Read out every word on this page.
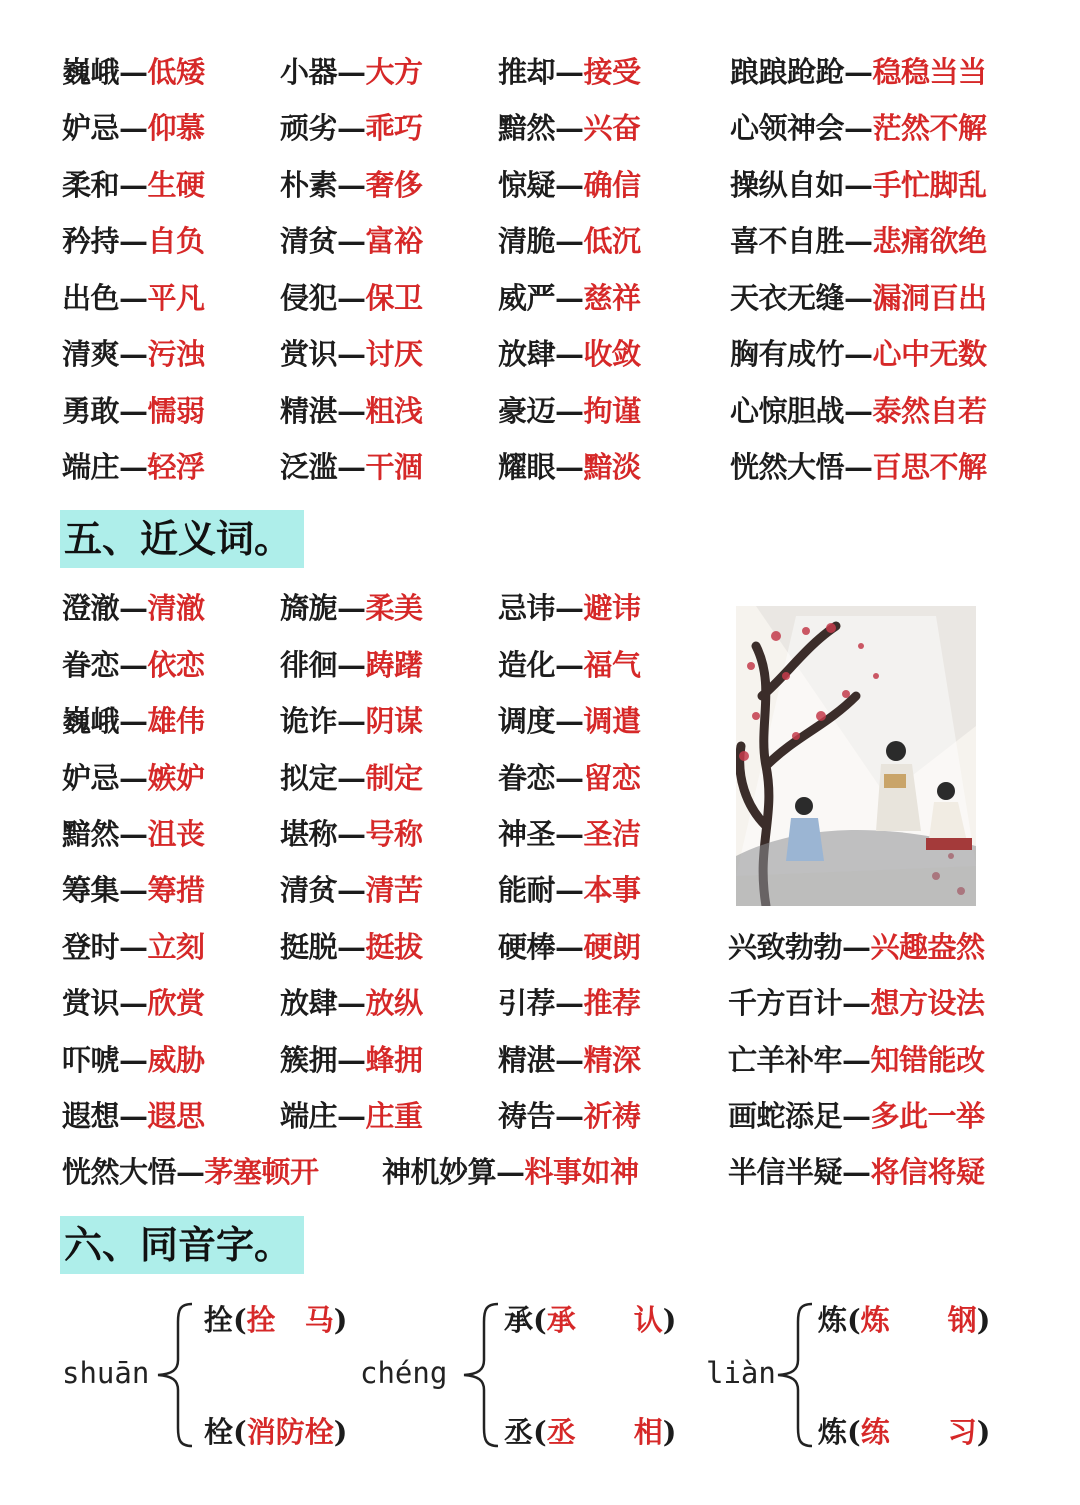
巍峨—低矮
妒忌—仰慕
柔和—生硬
矜持—自负
出色—平凡
清爽—污浊
勇敢—懦弱
端庄—轻浮
小器—大方
顽劣—乖巧
朴素—奢侈
清贫—富裕
侵犯—保卫
赏识—讨厌
精湛—粗浅
泛滥—干涸
推却—接受
黯然—兴奋
惊疑—确信
清脆—低沉
威严—慈祥
放肆—收敛
豪迈—拘谨
耀眼—黯淡
踉踉跄跄—稳稳当当
心领神会—茫然不解
操纵自如—手忙脚乱
喜不自胜—悲痛欲绝
天衣无缝—漏洞百出
胸有成竹—心中无数
心惊胆战—泰然自若
恍然大悟—百思不解
五、近义词。
澄澈—清澈
眷恋—依恋
巍峨—雄伟
妒忌—嫉妒
黯然—沮丧
筹集—筹措
登时—立刻
赏识—欣赏
吓唬—威胁
遐想—遐思
旖旎—柔美
徘徊—踌躇
诡诈—阴谋
拟定—制定
堪称—号称
清贫—清苦
挺脱—挺拔
放肆—放纵
簇拥—蜂拥
端庄—庄重
忌讳—避讳
造化—福气
调度—调遣
眷恋—留恋
神圣—圣洁
能耐—本事
硬棒—硬朗
引荐—推荐
精湛—精深
祷告—祈祷
兴致勃勃—兴趣盎然
千方百计—想方设法
亡羊补牢—知错能改
画蛇添足—多此一举
恍然大悟—茅塞顿开 神机妙算—料事如神	半信半疑—将信将疑
六、同音字。
shuān
拴(拴　马)
栓(消防栓)
chéng
承(承　　认)
丞(丞　　相)
liàn
炼(炼　　钢)
炼(练　　习)
